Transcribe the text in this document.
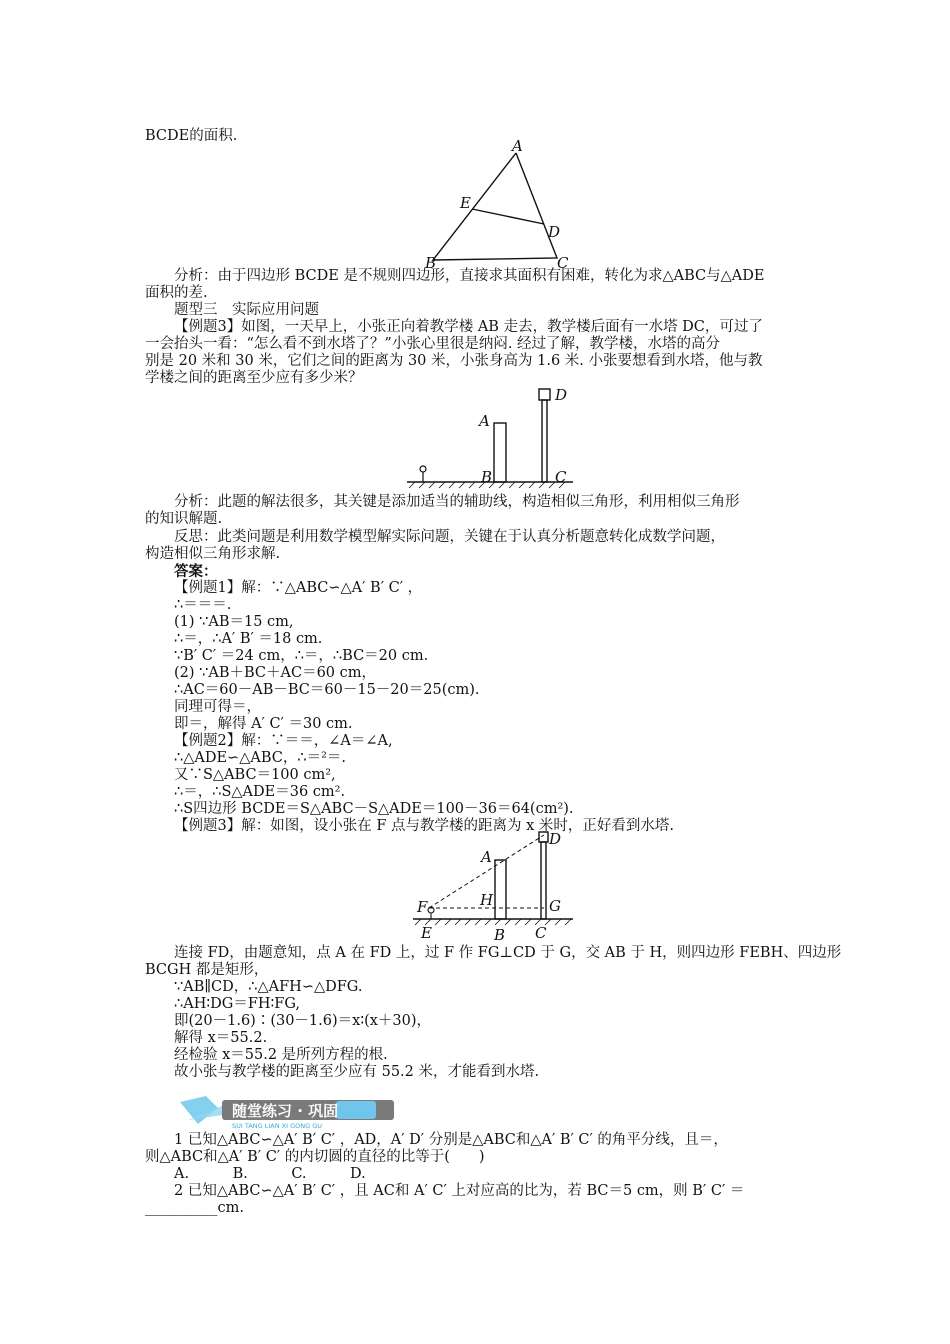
BCDE的面积.
A
E
D
B	C
分析：由于四边形 BCDE 是不规则四边形，直接求其面积有困难，转化为求△ABC与△ADE
面积的差.
题型三　实际应用问题
【例题3】如图，一天早上，小张正向着教学楼 AB 走去，教学楼后面有一水塔 DC，可过了
一会抬头一看：“怎么看不到水塔了？”小张心里很是纳闷. 经过了解，教学楼，水塔的高分
别是 20 米和 30 米，它们之间的距离为 30 米，小张身高为 1.6 米. 小张要想看到水塔，他与教
学楼之间的距离至少应有多少米？
A
B	C
D
分析：此题的解法很多，其关键是添加适当的辅助线，构造相似三角形，利用相似三角形
的知识解题.
反思：此类问题是利用数学模型解实际问题，关键在于认真分析题意转化成数学问题，
构造相似三角形求解.
答案：
【例题1】解：∵△ABC∽△A′ B′ C′ ，
∴＝＝＝.
(1) ∵AB＝15 cm,
∴＝，∴A′ B′ ＝18 cm.
∵B′ C′ ＝24 cm，∴＝，∴BC＝20 cm.
(2) ∵AB＋BC＋AC＝60 cm，
∴AC＝60－AB－BC＝60－15－20＝25(cm).
同理可得＝，
即＝，解得 A′ C′ ＝30 cm.
【例题2】解：∵＝＝，∠A＝∠A,
∴△ADE∽△ABC，∴＝²＝.
又∵S△ABC＝100 cm²,
∴＝，∴S△ADE＝36 cm².
∴S四边形 BCDE＝S△ABC－S△ADE＝100－36＝64(cm²).
【例题3】解：如图，设小张在 F 点与教学楼的距离为 x 米时，正好看到水塔.
A
H	G
D
F
E	B C
连接 FD，由题意知，点 A 在 FD 上，过 F 作 FG⊥CD 于 G，交 AB 于 H，则四边形 FEBH、四边形
BCGH 都是矩形，
∵AB∥CD，∴△AFH∽△DFG.
∴AH∶DG＝FH∶FG,
即(20－1.6)∶(30－1.6)＝x∶(x＋30)，
解得 x＝55.2.
经检验 x＝55.2 是所列方程的根.
故小张与教学楼的距离至少应有 55.2 米，才能看到水塔.
随堂练习 · 巩固
SUI TANG LIAN XI GONG GU
1 已知△ABC∽△A′ B′ C′ ，AD，A′ D′ 分别是△ABC和△A′ B′ C′ 的角平分线，且＝，
则△ABC和△A′ B′ C′ 的内切圆的直径的比等于(　　)
A.　　　B.　　　C.　　　D.
2 已知△ABC∽△A′ B′ C′ ，且 AC和 A′ C′ 上对应高的比为，若 BC＝5 cm，则 B′ C′ ＝
__________cm.
